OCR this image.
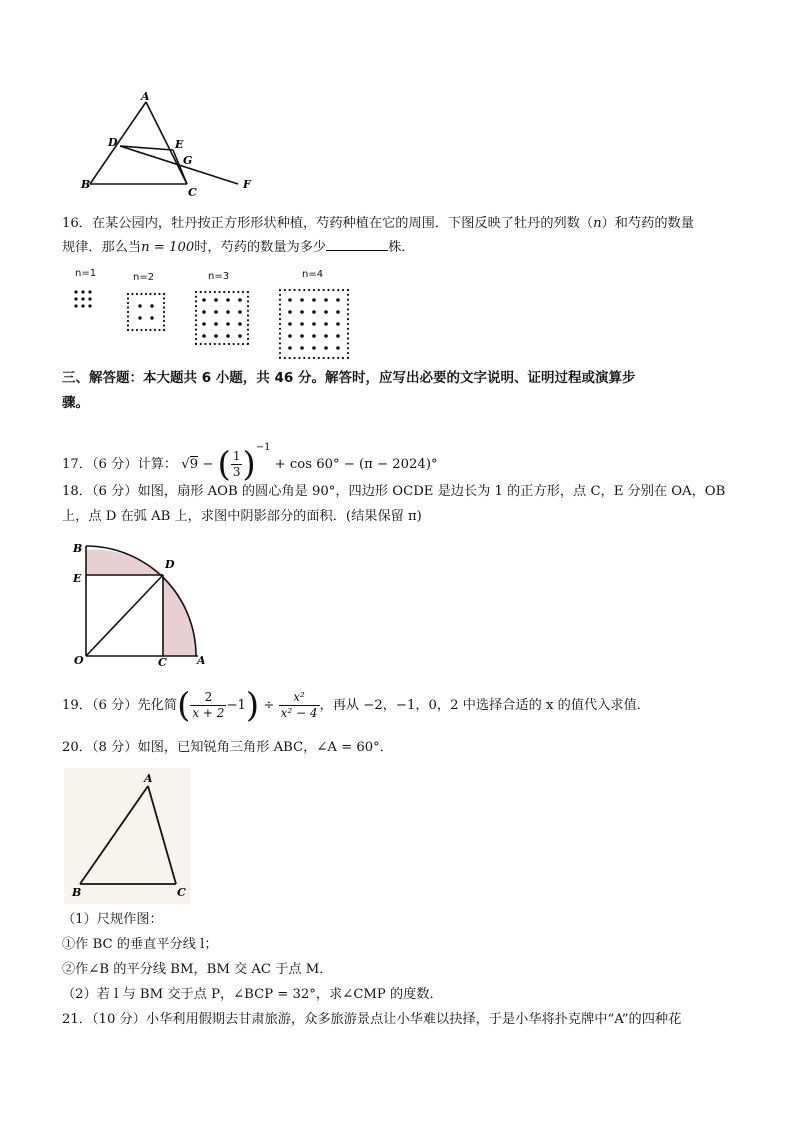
A
D	E
G
B
C
F
16．在某公园内，牡丹按正方形形状种植，芍药种植在它的周围．下图反映了牡丹的列数（n）和芍药的数量
规律．那么当n = 100时，芍药的数量为多少	株．
n=1	n=2	n=3	n=4
三、解答题：本大题共 6 小题，共 46 分。解答时，应写出必要的文字说明、证明过程或演算步
骤。
17．（6 分）计算： √9 − ( $\frac{1}{3} )^{-1} + \cos 60^\circ - (\pi - 2024)^\circ$
18．（6 分）如图，扇形 AOB 的圆心角是 90°，四边形 OCDE 是边长为 1 的正方形，点 C，E 分别在 OA，OB
上，点 D 在弧 AB 上，求图中阴影部分的面积．(结果保留 π)
B
D
E
O	C	A
19．（6 分）先化简( $\frac{2}{x + 2} -1) \div \frac{\text{x²}}{\text{x² − 4}}$ ，再从 −2，−1，0，2 中选择合适的 x 的值代入求值．
20．（8 分）如图，已知锐角三角形 ABC，∠A = 60°．
A
B	C
（1）尺规作图：
①作 BC 的垂直平分线 l；
②作∠B 的平分线 BM，BM 交 AC 于点 M．
（2）若 l 与 BM 交于点 P，∠BCP = 32°，求∠CMP 的度数．
21．（10 分）小华利用假期去甘肃旅游，众多旅游景点让小华难以抉择，于是小华将扑克牌中“A”的四种花
